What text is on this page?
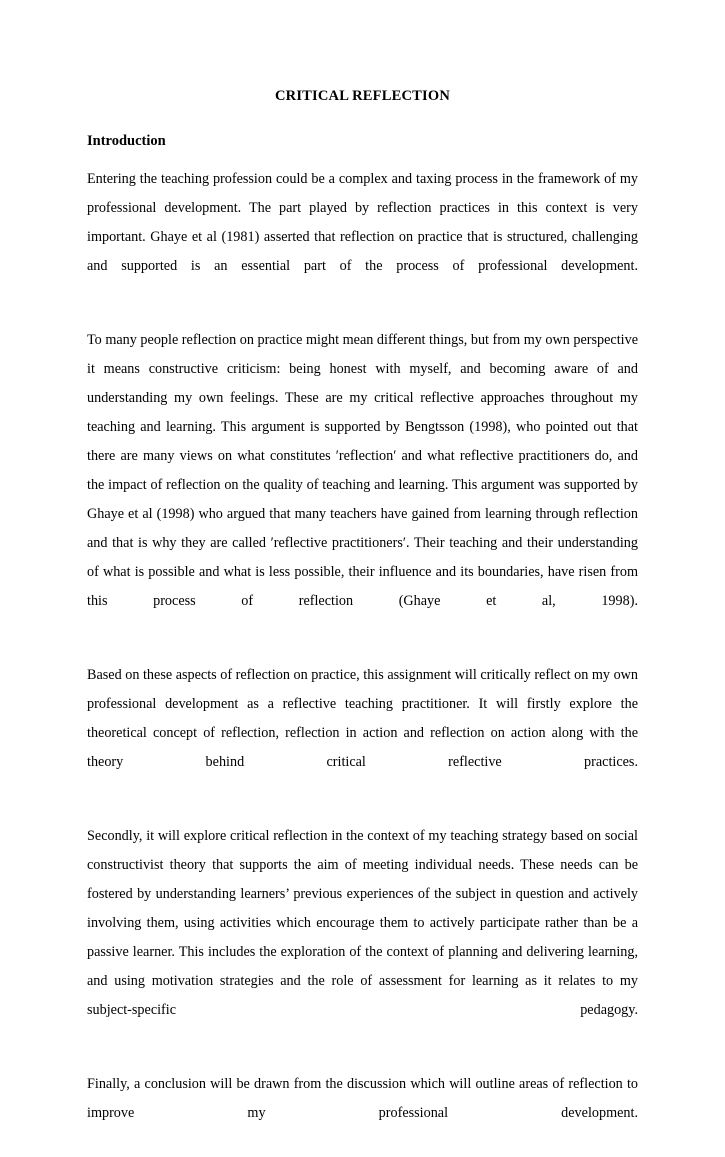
CRITICAL REFLECTION
Introduction

Entering the teaching profession could be a complex and taxing process in the framework of my professional development. The part played by reflection practices in this context is very important. Ghaye et al (1981) asserted that reflection on practice that is structured, challenging and supported is an essential part of the process of professional development.

To many people reflection on practice might mean different things, but from my own perspective it means constructive criticism: being honest with myself, and becoming aware of and understanding my own feelings. These are my critical reflective approaches throughout my teaching and learning. This argument is supported by Bengtsson (1998), who pointed out that there are many views on what constitutes ʹreflectionʹ and what reflective practitioners do, and the impact of reflection on the quality of teaching and learning. This argument was supported by Ghaye et al (1998) who argued that many teachers have gained from learning through reflection and that is why they are called ʹreflective practitionersʹ. Their teaching and their understanding of what is possible and what is less possible, their influence and its boundaries, have risen from this process of reflection (Ghaye et al, 1998).

Based on these aspects of reflection on practice, this assignment will critically reflect on my own professional development as a reflective teaching practitioner. It will firstly explore the theoretical concept of reflection, reflection in action and reflection on action along with the theory behind critical reflective practices.

Secondly, it will explore critical reflection in the context of my teaching strategy based on social constructivist theory that supports the aim of meeting individual needs. These needs can be fostered by understanding learners’ previous experiences of the subject in question and actively involving them, using activities which encourage them to actively participate rather than be a passive learner. This includes the exploration of the context of planning and delivering learning, and using motivation strategies and the role of assessment for learning as it relates to my subject-specific pedagogy.

Finally, a conclusion will be drawn from the discussion which will outline areas of reflection to improve my professional development.
